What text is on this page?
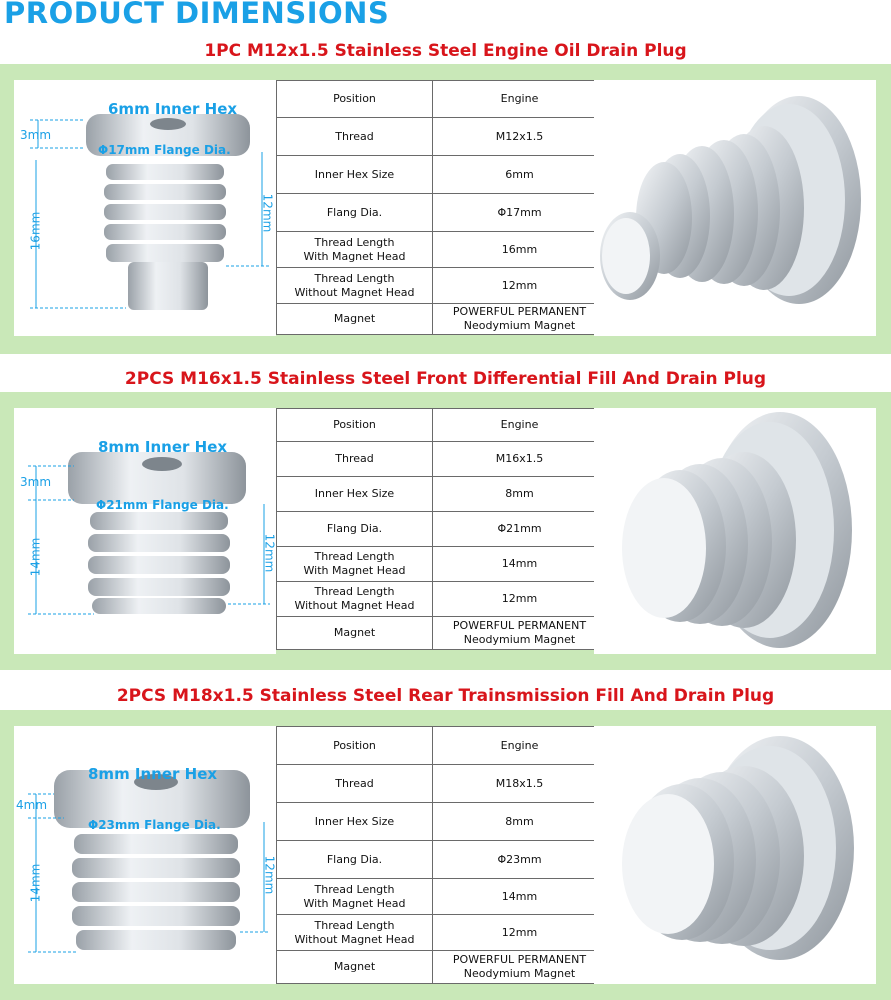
PRODUCT DIMENSIONS
1PC M12x1.5 Stainless Steel Engine Oil Drain Plug
6mm Inner Hex
Φ17mm Flange Dia.
3mm
16mm	12mm
Position	Engine
Thread	M12x1.5
Inner Hex Size	6mm
Flang Dia.	Φ17mm
Thread Length
With Magnet Head	16mm
Thread Length
Without Magnet Head	12mm
Magnet	POWERFUL PERMANENT
Neodymium Magnet
2PCS M16x1.5 Stainless Steel Front Differential Fill And Drain Plug
8mm Inner Hex
Φ21mm Flange Dia.
3mm
14mm	12mm
Position	Engine
Thread	M16x1.5
Inner Hex Size	8mm
Flang Dia.	Φ21mm
Thread Length
With Magnet Head	14mm
Thread Length
Without Magnet Head	12mm
Magnet	POWERFUL PERMANENT
Neodymium Magnet
2PCS M18x1.5 Stainless Steel Rear Trainsmission Fill And Drain Plug
8mm Inner Hex
Φ23mm Flange Dia.
4mm
14mm	12mm
Position	Engine
Thread	M18x1.5
Inner Hex Size	8mm
Flang Dia.	Φ23mm
Thread Length
With Magnet Head	14mm
Thread Length
Without Magnet Head	12mm
Magnet	POWERFUL PERMANENT
Neodymium Magnet
